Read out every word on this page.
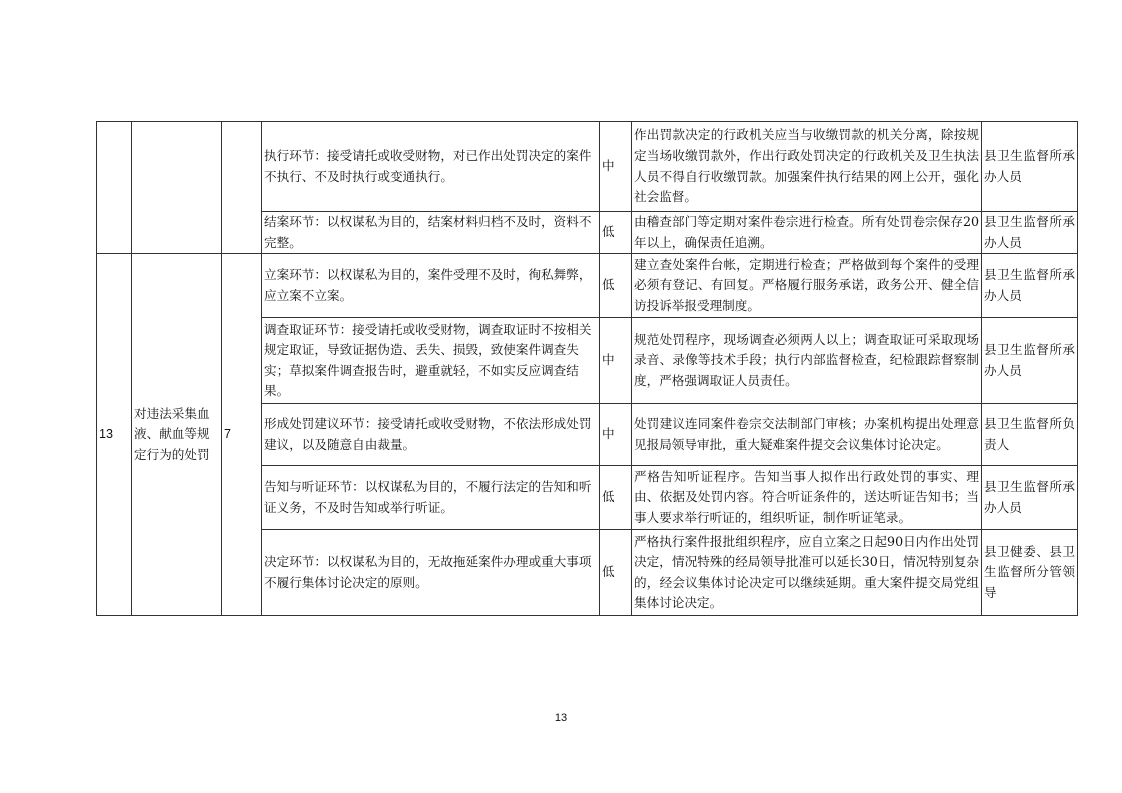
			执行环节：接受请托或收受财物，对已作出处罚决定的案件不执行、不及时执行或变通执行。	中	作出罚款决定的行政机关应当与收缴罚款的机关分离，除按规定当场收缴罚款外，作出行政处罚决定的行政机关及卫生执法人员不得自行收缴罚款。加强案件执行结果的网上公开，强化社会监督。	县卫生监督所承办人员
			结案环节：以权谋私为目的，结案材料归档不及时，资料不完整。	低	由稽查部门等定期对案件卷宗进行检查。所有处罚卷宗保存20年以上，确保责任追溯。	县卫生监督所承办人员
13	对违法采集血液、献血等规定行为的处罚	7	立案环节：以权谋私为目的，案件受理不及时，徇私舞弊，应立案不立案。	低	建立查处案件台帐，定期进行检查；严格做到每个案件的受理必须有登记、有回复。严格履行服务承诺，政务公开、健全信访投诉举报受理制度。	县卫生监督所承办人员
			调查取证环节：接受请托或收受财物，调查取证时不按相关规定取证，导致证据伪造、丢失、损毁，致使案件调查失实；草拟案件调查报告时，避重就轻，不如实反应调查结果。	中	规范处罚程序，现场调查必须两人以上；调查取证可采取现场录音、录像等技术手段；执行内部监督检查，纪检跟踪督察制度，严格强调取证人员责任。	县卫生监督所承办人员
			形成处罚建议环节：接受请托或收受财物，不依法形成处罚建议，以及随意自由裁量。	中	处罚建议连同案件卷宗交法制部门审核；办案机构提出处理意见报局领导审批，重大疑难案件提交会议集体讨论决定。	县卫生监督所负责人
			告知与听证环节：以权谋私为目的，不履行法定的告知和听证义务，不及时告知或举行听证。	低	严格告知听证程序。告知当事人拟作出行政处罚的事实、理由、依据及处罚内容。符合听证条件的，送达听证告知书；当事人要求举行听证的，组织听证，制作听证笔录。	县卫生监督所承办人员
			决定环节：以权谋私为目的，无故拖延案件办理或重大事项不履行集体讨论决定的原则。	低	严格执行案件报批组织程序，应自立案之日起90日内作出处罚决定，情况特殊的经局领导批准可以延长30日，情况特别复杂的，经会议集体讨论决定可以继续延期。重大案件提交局党组集体讨论决定。	县卫健委、县卫生监督所分管领导
13
